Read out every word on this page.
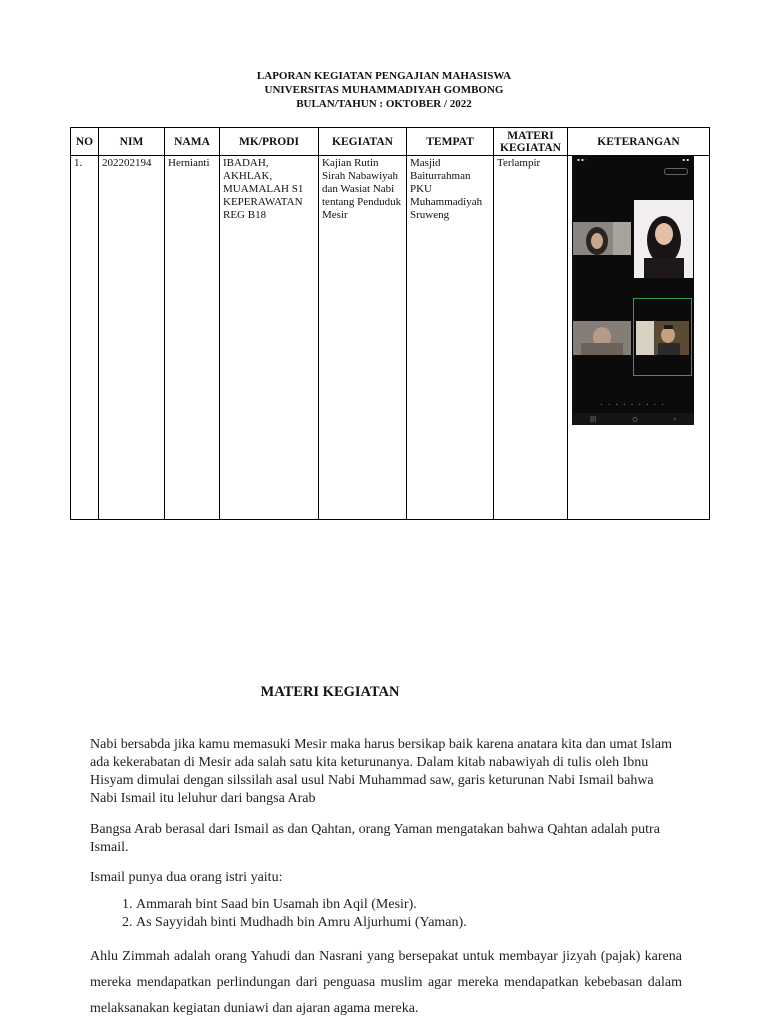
LAPORAN KEGIATAN PENGAJIAN MAHASISWA
UNIVERSITAS MUHAMMADIYAH GOMBONG
BULAN/TAHUN : OKTOBER / 2022
NO	NIM	NAMA	MK/PRODI	KEGIATAN	TEMPAT	MATERI KEGIATAN	KETERANGAN
1.	202202194	Hernianti	IBADAH, AKHLAK, MUAMALAH S1 KEPERAWATAN REG B18	Kajian Rutin Sirah Nabawiyah dan Wasiat Nabi tentang Penduduk Mesir	Masjid Baiturrahman PKU Muhammadiyah Sruweng	Terlampir		▪ ▪ ◦	▪ ▪
• • • • • • • • •
|||	○	‹
MATERI KEGIATAN
Nabi bersabda jika kamu memasuki Mesir maka harus bersikap baik karena anatara kita dan umat Islam ada kekerabatan di Mesir ada salah satu kita keturunanya. Dalam kitab nabawiyah di tulis oleh Ibnu Hisyam dimulai dengan silssilah asal usul Nabi Muhammad saw, garis keturunan Nabi Ismail bahwa Nabi Ismail itu leluhur dari bangsa Arab
Bangsa Arab berasal dari Ismail as dan Qahtan, orang Yaman mengatakan bahwa Qahtan adalah putra Ismail.
Ismail punya dua orang istri yaitu:
1. Ammarah bint Saad bin Usamah ibn Aqil (Mesir).
2. As Sayyidah binti Mudhadh bin Amru Aljurhumi (Yaman).
Ahlu Zimmah adalah orang Yahudi dan Nasrani yang bersepakat untuk membayar jizyah (pajak) karena mereka mendapatkan perlindungan dari penguasa muslim agar mereka mendapatkan kebebasan dalam melaksanakan kegiatan duniawi dan ajaran agama mereka.
